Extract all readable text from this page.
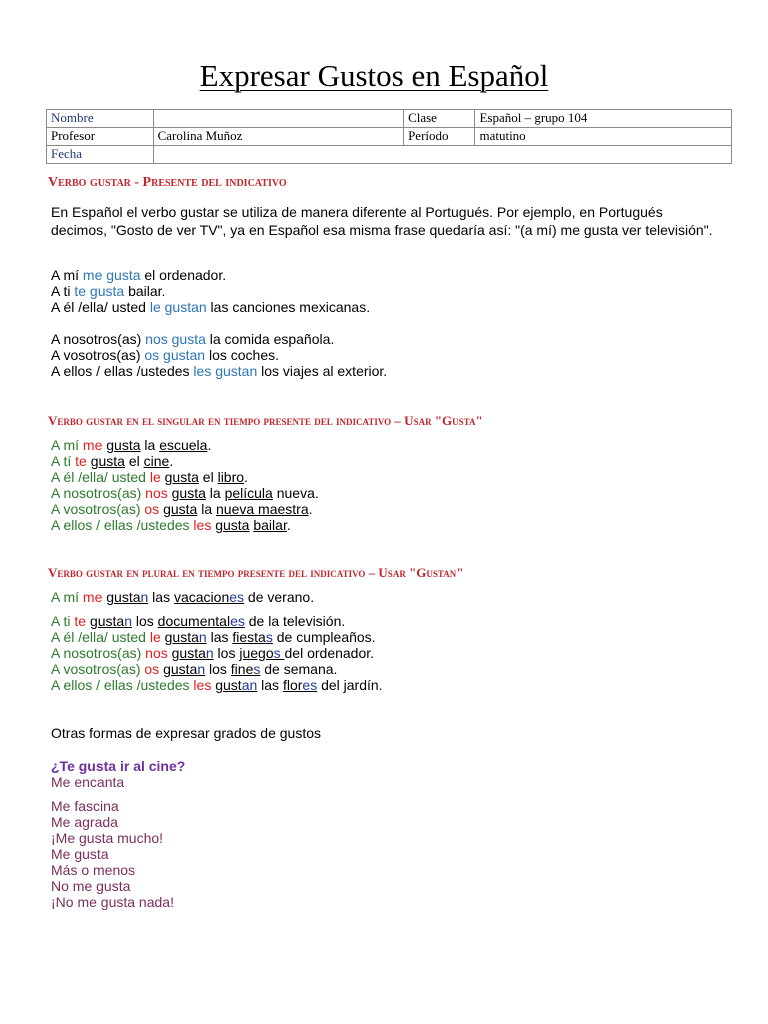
Expresar Gustos en Español
Nombre		Clase	Español – grupo 104
Profesor	Carolina Muñoz	Período	matutino
Fecha			
Verbo gustar - Presente del indicativo
En Español el verbo gustar se utiliza de manera diferente al Portugués. Por ejemplo, en Portugués decimos, "Gosto de ver TV", ya en Español esa misma frase quedaría así: "(a mí) me gusta ver televisión".
A mí me gusta el ordenador.
A ti te gusta bailar.
A él /ella/ usted le gustan las canciones mexicanas.
A nosotros(as) nos gusta la comida española.
A vosotros(as) os gustan los coches.
A ellos / ellas /ustedes les gustan los viajes al exterior.
Verbo gustar en el singular en tiempo presente del indicativo – Usar "Gusta"
A mí me gusta la escuela.
A tí te gusta el cine.
A él /ella/ usted le gusta el libro.
A nosotros(as) nos gusta la película nueva.
A vosotros(as) os gusta la nueva maestra.
A ellos / ellas /ustedes les gusta bailar.
Verbo gustar en plural en tiempo presente del indicativo – Usar "Gustan"
A mí me gustan las vacaciones de verano.
A ti te gustan los documentales de la televisión.
A él /ella/ usted le gustan las fiestas de cumpleaños.
A nosotros(as) nos gustan los juegos del ordenador.
A vosotros(as) os gustan los fines de semana.
A ellos / ellas /ustedes les gustan las flores del jardín.
Otras formas de expresar grados de gustos
¿Te gusta ir al cine?
Me encanta
Me fascina
Me agrada
¡Me gusta mucho!
Me gusta
Más o menos
No me gusta
¡No me gusta nada!
